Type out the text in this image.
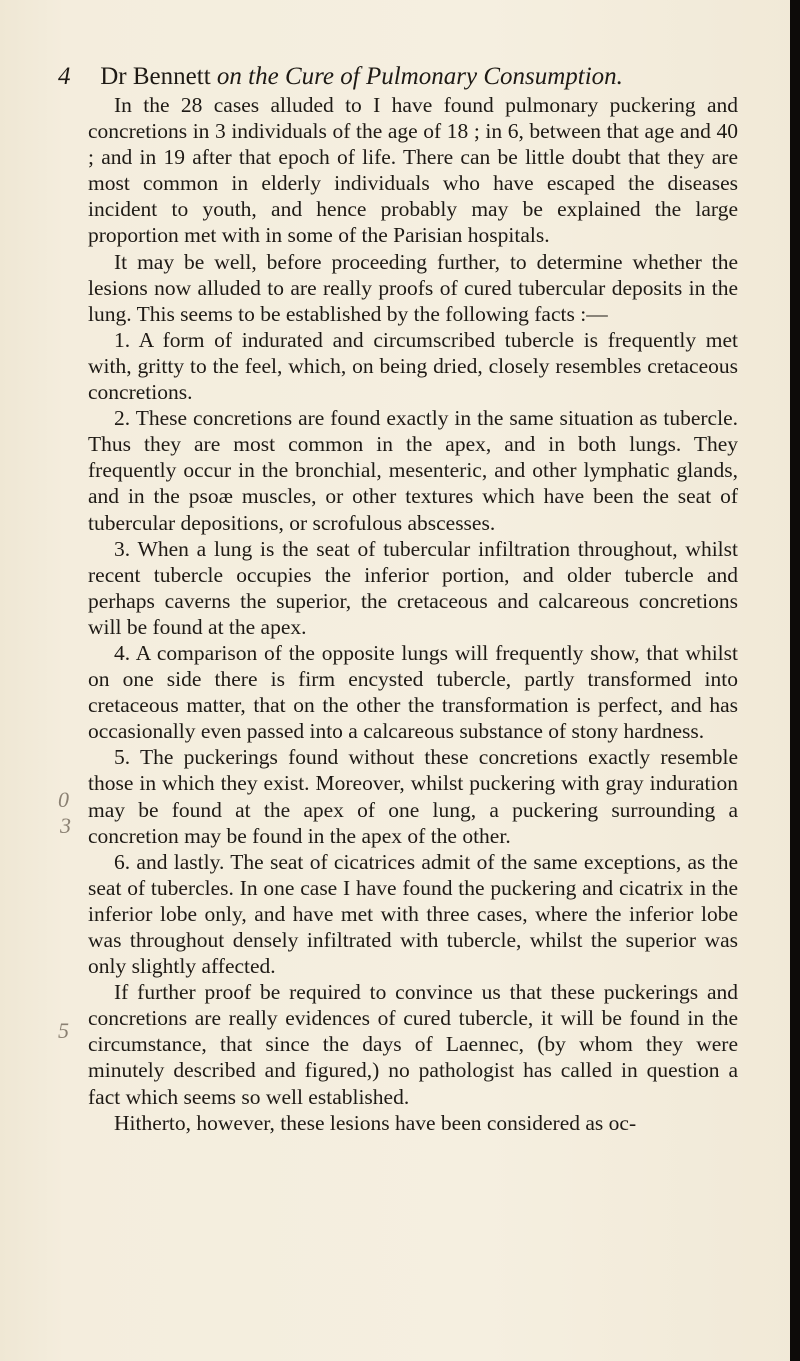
4 Dr Bennett on the Cure of Pulmonary Consumption.

In the 28 cases alluded to I have found pulmonary puckering and concretions in 3 individuals of the age of 18 ; in 6, between that age and 40 ; and in 19 after that epoch of life. There can be little doubt that they are most common in elderly individuals who have escaped the diseases incident to youth, and hence probably may be explained the large proportion met with in some of the Parisian hospitals.

It may be well, before proceeding further, to determine whether the lesions now alluded to are really proofs of cured tubercular deposits in the lung. This seems to be established by the following facts :—

1. A form of indurated and circumscribed tubercle is frequently met with, gritty to the feel, which, on being dried, closely resembles cretaceous concretions.

2. These concretions are found exactly in the same situation as tubercle. Thus they are most common in the apex, and in both lungs. They frequently occur in the bronchial, mesenteric, and other lymphatic glands, and in the psoæ muscles, or other textures which have been the seat of tubercular depositions, or scrofulous abscesses.

3. When a lung is the seat of tubercular infiltration throughout, whilst recent tubercle occupies the inferior portion, and older tubercle and perhaps caverns the superior, the cretaceous and calcareous concretions will be found at the apex.

4. A comparison of the opposite lungs will frequently show, that whilst on one side there is firm encysted tubercle, partly transformed into cretaceous matter, that on the other the transformation is perfect, and has occasionally even passed into a calcareous substance of stony hardness.

5. The puckerings found without these concretions exactly resemble those in which they exist. Moreover, whilst puckering with gray induration may be found at the apex of one lung, a puckering surrounding a concretion may be found in the apex of the other.

6. and lastly. The seat of cicatrices admit of the same exceptions, as the seat of tubercles. In one case I have found the puckering and cicatrix in the inferior lobe only, and have met with three cases, where the inferior lobe was throughout densely infiltrated with tubercle, whilst the superior was only slightly affected.

If further proof be required to convince us that these puckerings and concretions are really evidences of cured tubercle, it will be found in the circumstance, that since the days of Laennec, (by whom they were minutely described and figured,) no pathologist has called in question a fact which seems so well established.

Hitherto, however, these lesions have been considered as oc-

0
3
5
